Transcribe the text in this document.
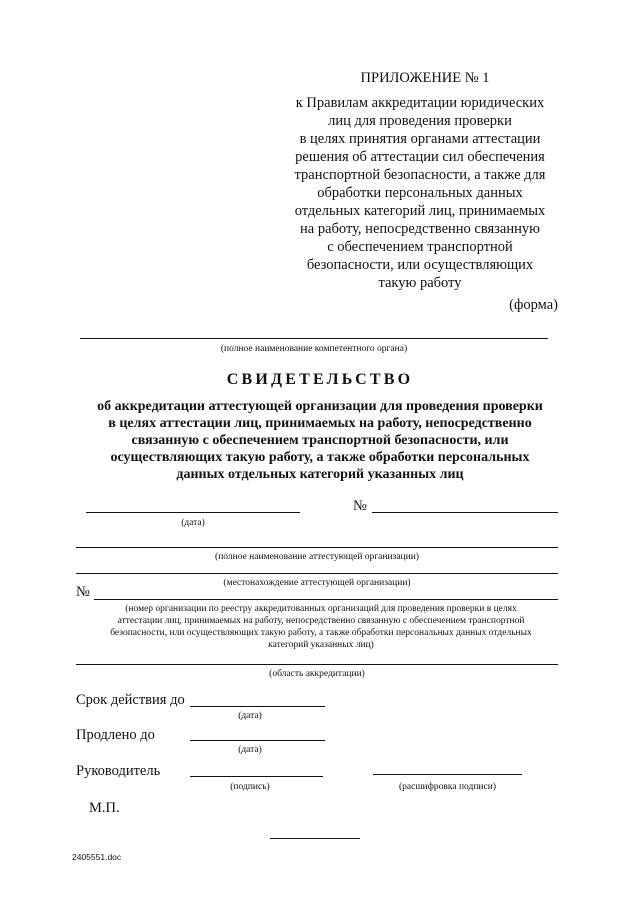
ПРИЛОЖЕНИЕ № 1
к Правилам аккредитации юридических
лиц для проведения проверки
в целях принятия органами аттестации
решения об аттестации сил обеспечения
транспортной безопасности, а также для
обработки персональных данных
отдельных категорий лиц, принимаемых
на работу, непосредственно связанную
с обеспечением транспортной
безопасности, или осуществляющих
такую работу
(форма)
(полное наименование компетентного органа)
СВИДЕТЕЛЬСТВО
об аккредитации аттестующей организации для проведения проверки
в целях аттестации лиц, принимаемых на работу, непосредственно
связанную с обеспечением транспортной безопасности, или
осуществляющих такую работу, а также обработки персональных
данных отдельных категорий указанных лиц
(дата)
№
(полное наименование аттестующей организации)
(местонахождение аттестующей организации)
№
(номер организации по реестру аккредитованных организаций для проведения проверки в целях
аттестации лиц, принимаемых на работу, непосредственно связанную с обеспечением транспортной
безопасности, или осуществляющих такую работу, а также обработки персональных данных отдельных
категорий указанных лиц)
(область аккредитации)
Срок действия до
(дата)
Продлено до
(дата)
Руководитель
(подпись)	(расшифровка подписи)
М.П.
2405551.doc
